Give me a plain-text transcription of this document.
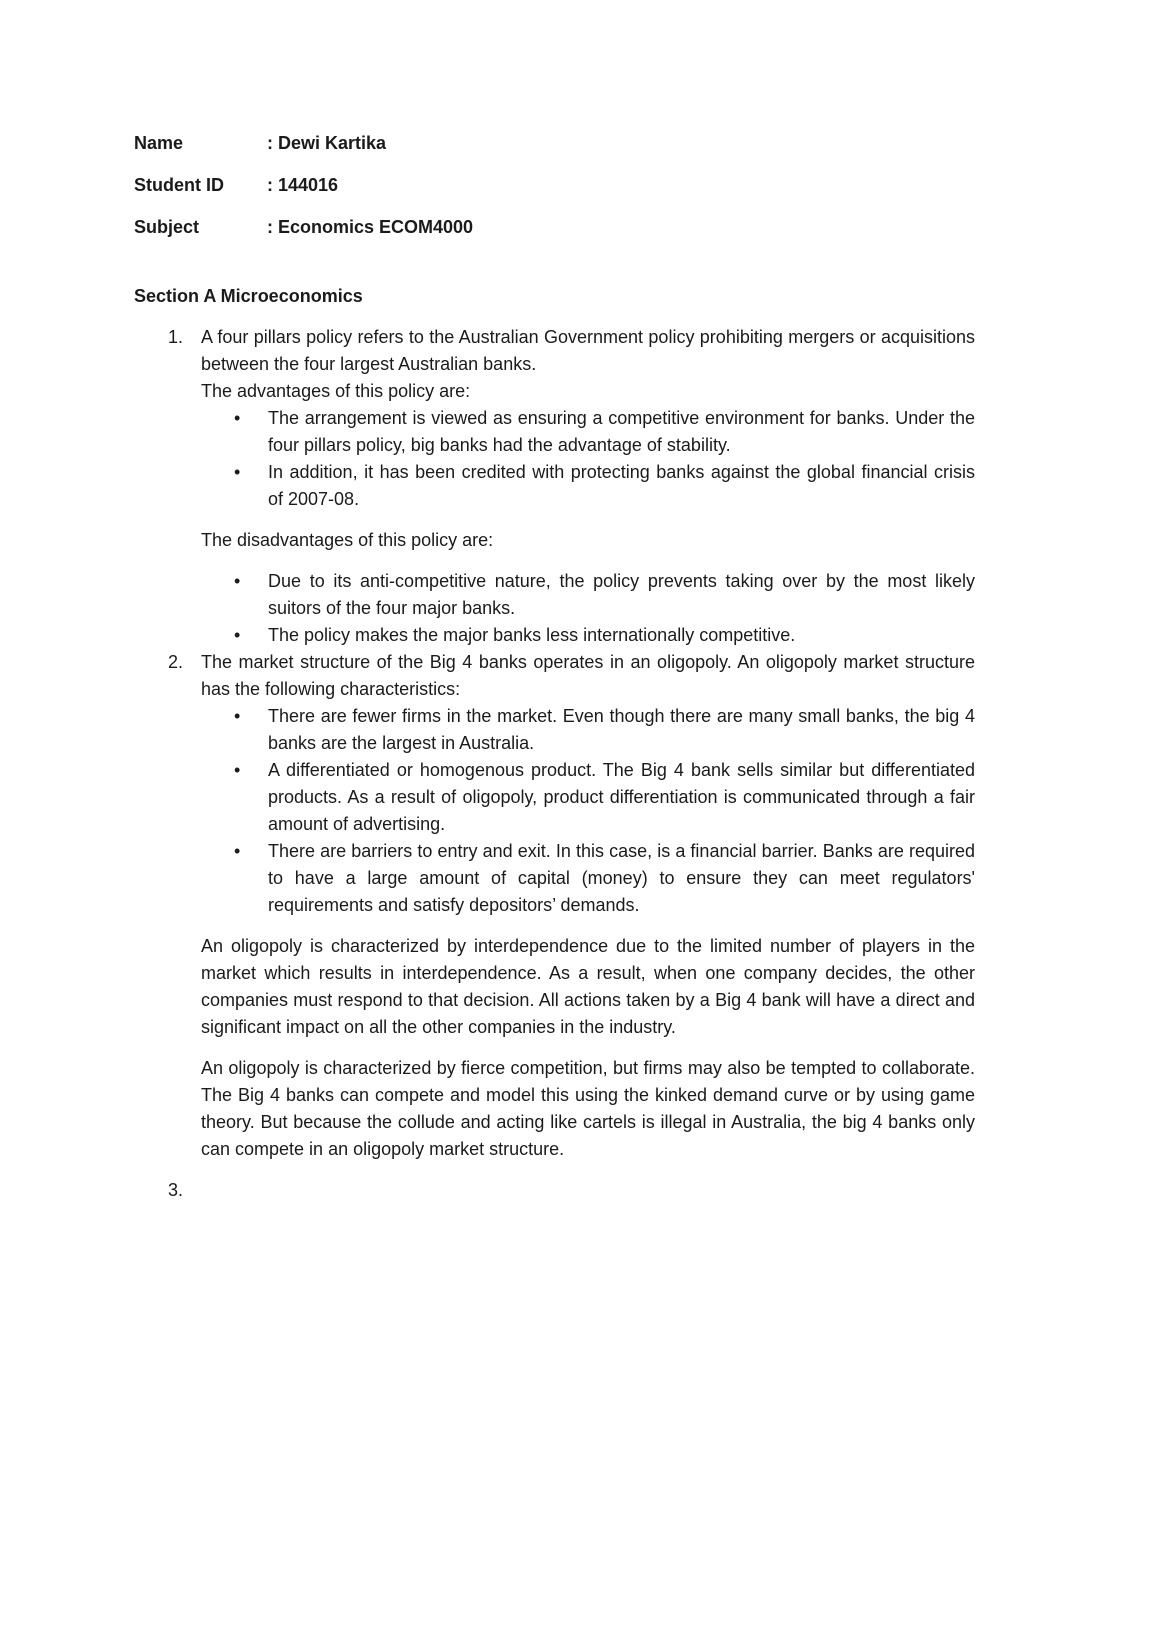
Name	: Dewi Kartika
Student ID : 144016
Subject	: Economics ECOM4000
Section A Microeconomics
1. A four pillars policy refers to the Australian Government policy prohibiting mergers or acquisitions between the four largest Australian banks.
The advantages of this policy are:
•
The arrangement is viewed as ensuring a competitive environment for banks. Under the four pillars policy, big banks had the advantage of stability.
•
In addition, it has been credited with protecting banks against the global financial crisis of 2007-08.
The disadvantages of this policy are:
•
Due to its anti-competitive nature, the policy prevents taking over by the most likely suitors of the four major banks.
•
The policy makes the major banks less internationally competitive.
2. The market structure of the Big 4 banks operates in an oligopoly. An oligopoly market structure has the following characteristics:
•
There are fewer firms in the market. Even though there are many small banks, the big 4 banks are the largest in Australia.
•
A differentiated or homogenous product. The Big 4 bank sells similar but differentiated products. As a result of oligopoly, product differentiation is communicated through a fair amount of advertising.
•
There are barriers to entry and exit. In this case, is a financial barrier. Banks are required to have a large amount of capital (money) to ensure they can meet regulators' requirements and satisfy depositors’ demands.
An oligopoly is characterized by interdependence due to the limited number of players in the market which results in interdependence. As a result, when one company decides, the other companies must respond to that decision. All actions taken by a Big 4 bank will have a direct and significant impact on all the other companies in the industry.
An oligopoly is characterized by fierce competition, but firms may also be tempted to collaborate. The Big 4 banks can compete and model this using the kinked demand curve or by using game theory. But because the collude and acting like cartels is illegal in Australia, the big 4 banks only can compete in an oligopoly market structure.
3.
